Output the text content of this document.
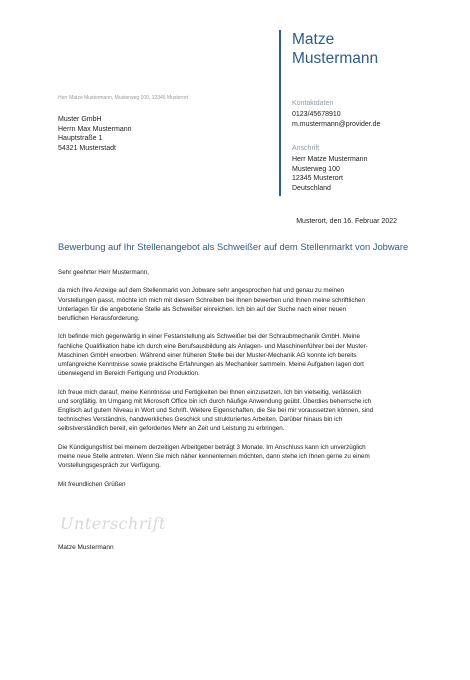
Matze
Mustermann
Kontaktdaten
0123/45678910
m.mustermann@provider.de
Anschrift
Herr Matze Mustermann
Musterweg 100
12345 Musterort
Deutschland
Herr Matze Mustermann, Musterweg 100, 12345 Musterort
Muster GmbH
Herrn Max Mustermann
Hauptstraße 1
54321 Musterstadt
Musterort, den 16. Februar 2022
Bewerbung auf Ihr Stellenangebot als Schweißer auf dem Stellenmarkt von Jobware

Sehr geehrter Herr Mustermann,

da mich Ihre Anzeige auf dem Stellenmarkt von Jobware sehr angesprochen hat und genau zu meinen

Vorstellungen passt, möchte ich mich mit diesem Schreiben bei Ihnen bewerben und Ihnen meine schriftlichen

Unterlagen für die angebotene Stelle als Schweißer einreichen. Ich bin auf der Suche nach einer neuen

beruflichen Herausforderung.

Ich befinde mich gegenwärtig in einer Festanstellung als Schweißer bei der Schraubmechanik GmbH. Meine

fachliche Qualifikation habe ich durch eine Berufsausbildung als Anlagen- und Maschinenführer bei der Muster-

Maschinen GmbH erworben. Während einer früheren Stelle bei der Muster-Mechanik AG konnte ich bereits

umfangreiche Kenntnisse sowie praktische Erfahrungen als Mechaniker sammeln. Meine Aufgaben lagen dort

überwiegend im Bereich Fertigung und Produktion.

Ich freue mich darauf, meine Kenntnisse und Fertigkeiten bei Ihnen einzusetzen. Ich bin vielseitig, verlässlich

und sorgfältig. Im Umgang mit Microsoft Office bin ich durch häufige Anwendung geübt. Überdies beherrsche ich

Englisch auf gutem Niveau in Wort und Schrift. Weitere Eigenschaften, die Sie bei mir voraussetzen können, sind

technisches Verständnis, handwerkliches Geschick und strukturiertes Arbeiten. Darüber hinaus bin ich

selbstverständlich bereit, ein gefordertes Mehr an Zeit und Leistung zu erbringen.

Die Kündigungsfrist bei meinem derzeitigen Arbeitgeber beträgt 3 Monate. Im Anschluss kann ich unverzüglich

meine neue Stelle antreten. Wenn Sie mich näher kennenlernen möchten, dann stehe ich Ihnen gerne zu einem

Vorstellungsgespräch zur Verfügung.

Mit freundlichen Grüßen

Unterschrift
Matze Mustermann
